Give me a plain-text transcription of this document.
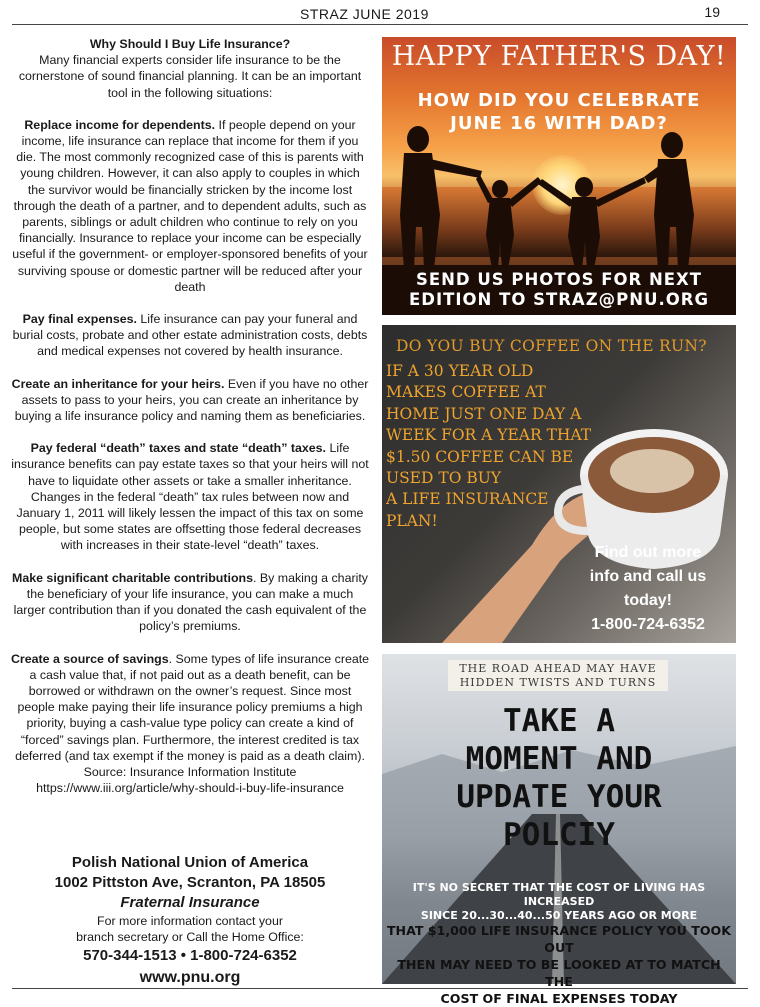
STRAZ JUNE 2019	19

Why Should I Buy Life Insurance?

Many financial experts consider life insurance to be the cornerstone of sound financial planning. It can be an important tool in the following situations:

Replace income for dependents. If people depend on your income, life insurance can replace that income for them if you die. The most commonly recognized case of this is parents with young children. However, it can also apply to couples in which the survivor would be financially stricken by the income lost through the death of a partner, and to dependent adults, such as parents, siblings or adult children who continue to rely on you financially. Insurance to replace your income can be especially useful if the government- or employer-sponsored benefits of your surviving spouse or domestic partner will be reduced after your death

Pay final expenses. Life insurance can pay your funeral and burial costs, probate and other estate administration costs, debts and medical expenses not covered by health insurance.

Create an inheritance for your heirs. Even if you have no other assets to pass to your heirs, you can create an inheritance by buying a life insurance policy and naming them as beneficiaries.

Pay federal “death” taxes and state “death” taxes. Life insurance benefits can pay estate taxes so that your heirs will not have to liquidate other assets or take a smaller inheritance. Changes in the federal “death” tax rules between now and January 1, 2011 will likely lessen the impact of this tax on some people, but some states are offsetting those federal decreases with increases in their state-level “death” taxes.

Make significant charitable contributions. By making a charity the beneficiary of your life insurance, you can make a much larger contribution than if you donated the cash equivalent of the policy’s premiums.

Create a source of savings. Some types of life insurance create a cash value that, if not paid out as a death benefit, can be borrowed or withdrawn on the owner’s request. Since most people make paying their life insurance policy premiums a high priority, buying a cash-value type policy can create a kind of “forced” savings plan. Furthermore, the interest credited is tax deferred (and tax exempt if the money is paid as a death claim).

Source: Insurance Information Institute

https://www.iii.org/article/why-should-i-buy-life-insurance

Polish National Union of America
1002 Pittston Ave, Scranton, PA 18505
Fraternal Insurance
For more information contact your
branch secretary or Call the Home Office:
570-344-1513 • 1-800-724-6352
www.pnu.org
HAPPY FATHER'S DAY!
HOW DID YOU CELEBRATE
JUNE 16 WITH DAD?
SEND US PHOTOS FOR NEXT
EDITION TO STRAZ@PNU.ORG
DO YOU BUY COFFEE ON THE RUN?
IF A 30 YEAR OLD
MAKES COFFEE AT
HOME JUST ONE DAY A
WEEK FOR A YEAR THAT
$1.50 COFFEE CAN BE
USED TO BUY
A LIFE INSURANCE
PLAN!
Find out more
info and call us
today!
1-800-724-6352
THE ROAD AHEAD MAY HAVE
HIDDEN TWISTS AND TURNS
TAKE A
MOMENT AND
UPDATE YOUR
POLCIY
IT'S NO SECRET THAT THE COST OF LIVING HAS INCREASED
SINCE 20...30...40...50 YEARS AGO OR MORE
THAT $1,000 LIFE INSURANCE POLICY YOU TOOK OUT
THEN MAY NEED TO BE LOOKED AT TO MATCH THE
COST OF FINAL EXPENSES TODAY
